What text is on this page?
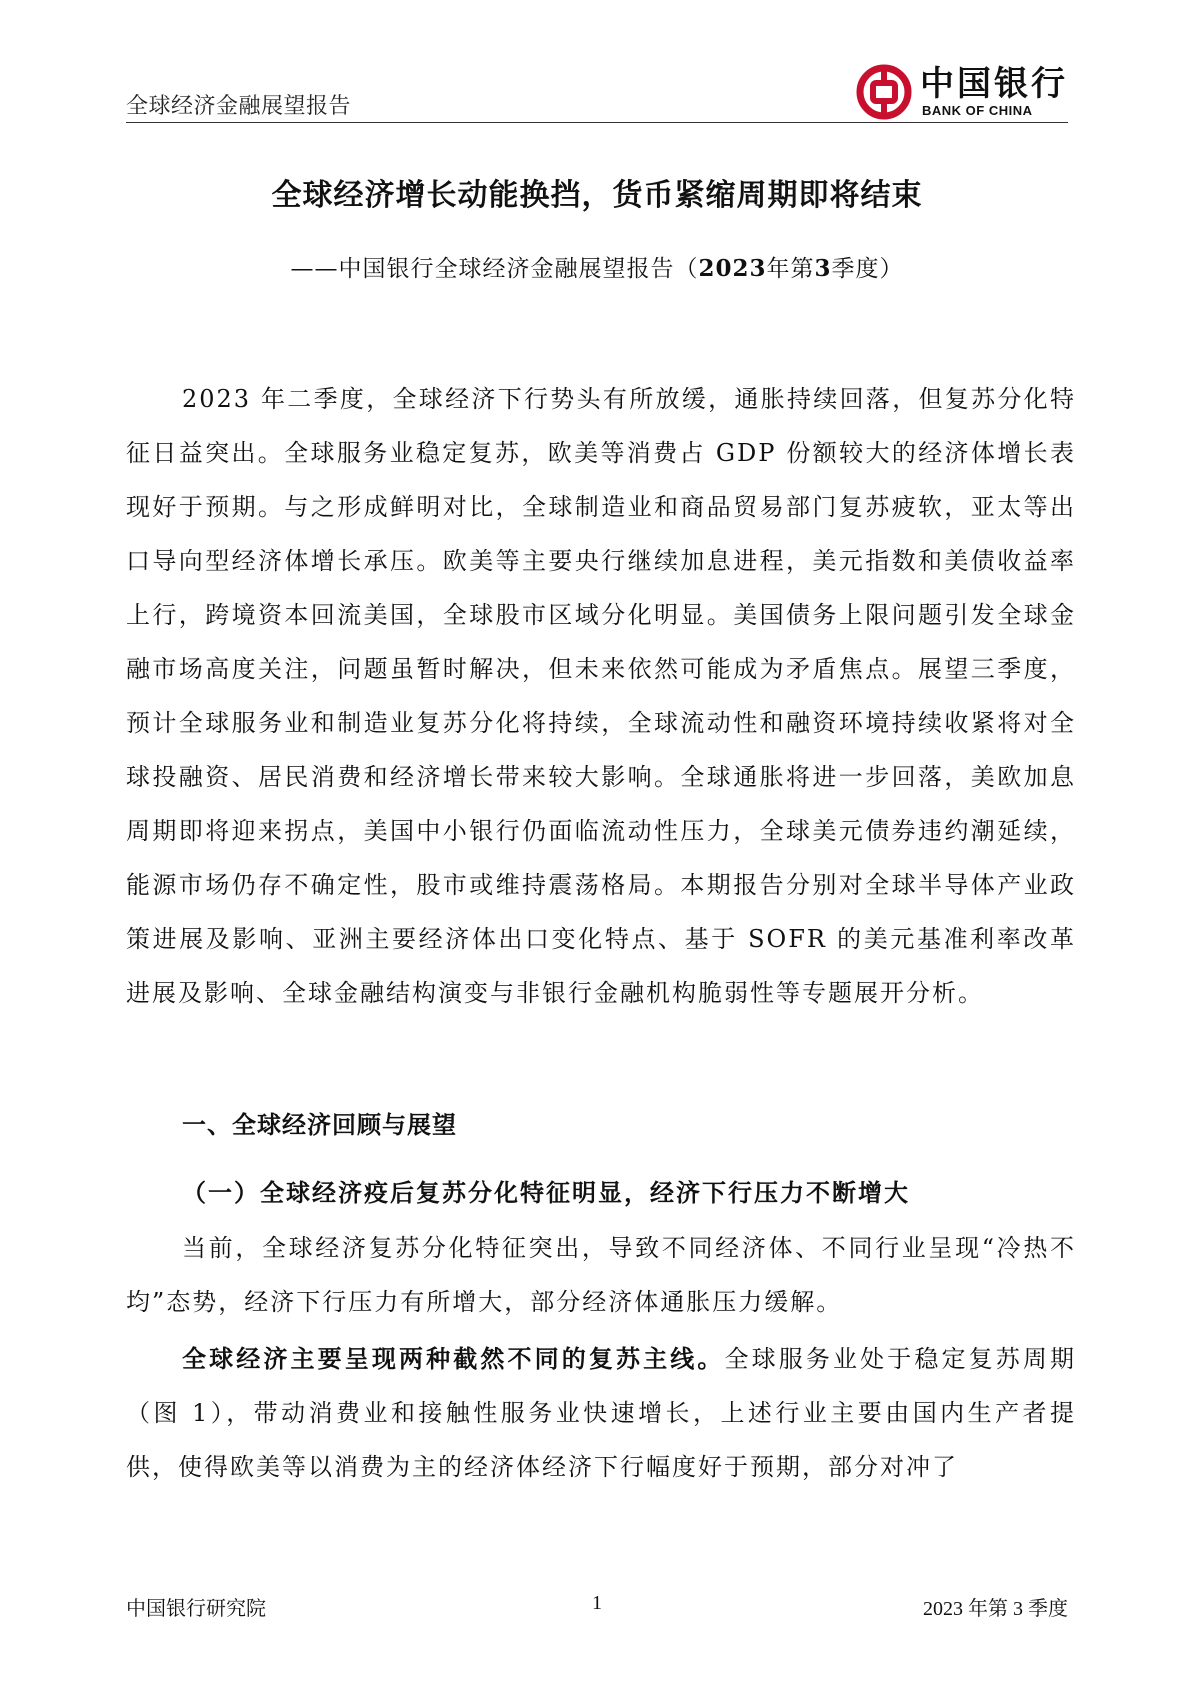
全球经济金融展望报告
中国银行
BANK OF CHINA
全球经济增长动能换挡，货币紧缩周期即将结束
——中国银行全球经济金融展望报告（2023年第3季度）

2023 年二季度，全球经济下行势头有所放缓，通胀持续回落，但复苏分化特征日益突出。全球服务业稳定复苏，欧美等消费占 GDP 份额较大的经济体增长表现好于预期。与之形成鲜明对比，全球制造业和商品贸易部门复苏疲软，亚太等出口导向型经济体增长承压。欧美等主要央行继续加息进程，美元指数和美债收益率上行，跨境资本回流美国，全球股市区域分化明显。美国债务上限问题引发全球金融市场高度关注，问题虽暂时解决，但未来依然可能成为矛盾焦点。展望三季度，预计全球服务业和制造业复苏分化将持续，全球流动性和融资环境持续收紧将对全球投融资、居民消费和经济增长带来较大影响。全球通胀将进一步回落，美欧加息周期即将迎来拐点，美国中小银行仍面临流动性压力，全球美元债券违约潮延续，能源市场仍存不确定性，股市或维持震荡格局。本期报告分别对全球半导体产业政策进展及影响、亚洲主要经济体出口变化特点、基于 SOFR 的美元基准利率改革进展及影响、全球金融结构演变与非银行金融机构脆弱性等专题展开分析。

一、全球经济回顾与展望
（一）全球经济疫后复苏分化特征明显，经济下行压力不断增大

当前，全球经济复苏分化特征突出，导致不同经济体、不同行业呈现“冷热不均”态势，经济下行压力有所增大，部分经济体通胀压力缓解。

全球经济主要呈现两种截然不同的复苏主线。全球服务业处于稳定复苏周期（图 1），带动消费业和接触性服务业快速增长，上述行业主要由国内生产者提供，使得欧美等以消费为主的经济体经济下行幅度好于预期，部分对冲了

中国银行研究院	1	2023 年第 3 季度
